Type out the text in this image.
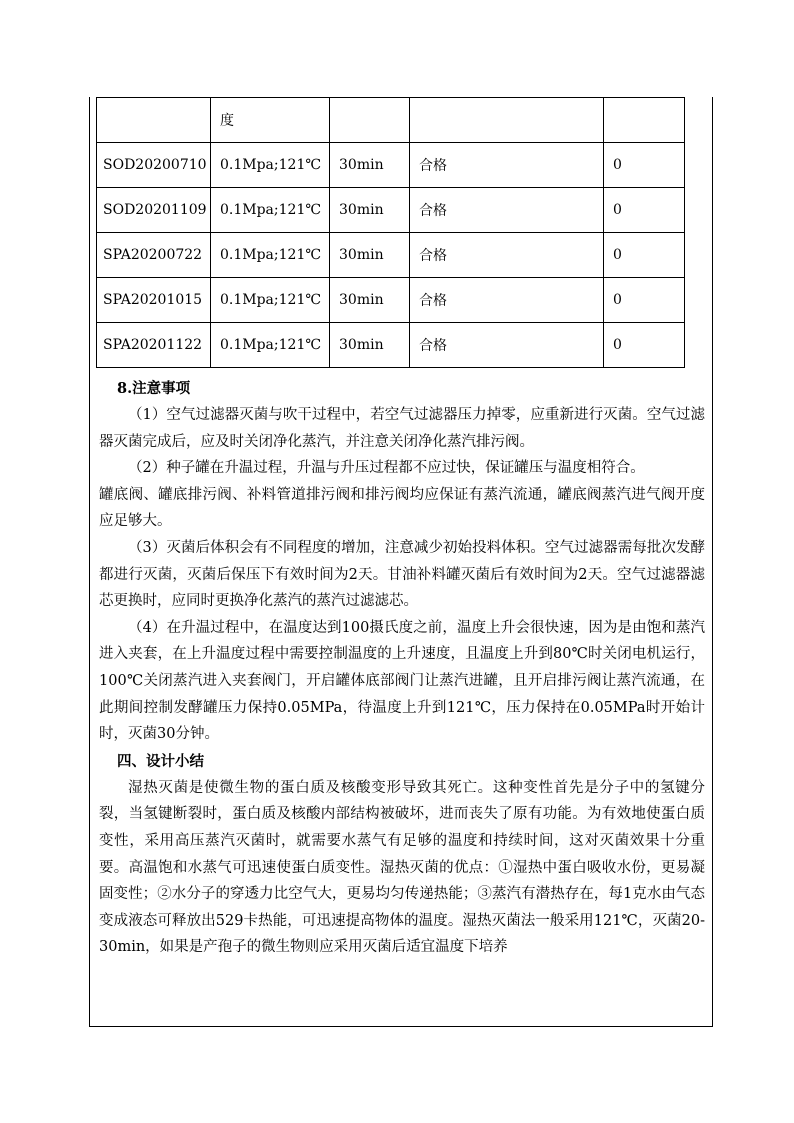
	度			
SOD20200710	0.1Mpa;121℃	30min	合格	0
SOD20201109	0.1Mpa;121℃	30min	合格	0
SPA20200722	0.1Mpa;121℃	30min	合格	0
SPA20201015	0.1Mpa;121℃	30min	合格	0
SPA20201122	0.1Mpa;121℃	30min	合格	0
8.注意事项

（1）空气过滤器灭菌与吹干过程中，若空气过滤器压力掉零，应重新进行灭菌。空气过滤器灭菌完成后，应及时关闭净化蒸汽，并注意关闭净化蒸汽排污阀。

（2）种子罐在升温过程，升温与升压过程都不应过快，保证罐压与温度相符合。

罐底阀、罐底排污阀、补料管道排污阀和排污阀均应保证有蒸汽流通，罐底阀蒸汽进气阀开度应足够大。

（3）灭菌后体积会有不同程度的增加，注意减少初始投料体积。空气过滤器需每批次发酵都进行灭菌，灭菌后保压下有效时间为2天。甘油补料罐灭菌后有效时间为2天。空气过滤器滤芯更换时，应同时更换净化蒸汽的蒸汽过滤滤芯。

（4）在升温过程中，在温度达到100摄氏度之前，温度上升会很快速，因为是由饱和蒸汽进入夹套，在上升温度过程中需要控制温度的上升速度，且温度上升到80℃时关闭电机运行，100℃关闭蒸汽进入夹套阀门，开启罐体底部阀门让蒸汽进罐，且开启排污阀让蒸汽流通，在此期间控制发酵罐压力保持0.05MPa，待温度上升到121℃，压力保持在0.05MPa时开始计时，灭菌30分钟。

四、设计小结

湿热灭菌是使微生物的蛋白质及核酸变形导致其死亡。这种变性首先是分子中的氢键分裂，当氢键断裂时，蛋白质及核酸内部结构被破坏，进而丧失了原有功能。为有效地使蛋白质变性，采用高压蒸汽灭菌时，就需要水蒸气有足够的温度和持续时间，这对灭菌效果十分重要。高温饱和水蒸气可迅速使蛋白质变性。湿热灭菌的优点：①湿热中蛋白吸收水份，更易凝固变性；②水分子的穿透力比空气大，更易均匀传递热能；③蒸汽有潜热存在，每1克水由气态变成液态可释放出529卡热能，可迅速提高物体的温度。湿热灭菌法一般采用121℃，灭菌20-30min，如果是产孢子的微生物则应采用灭菌后适宜温度下培养
